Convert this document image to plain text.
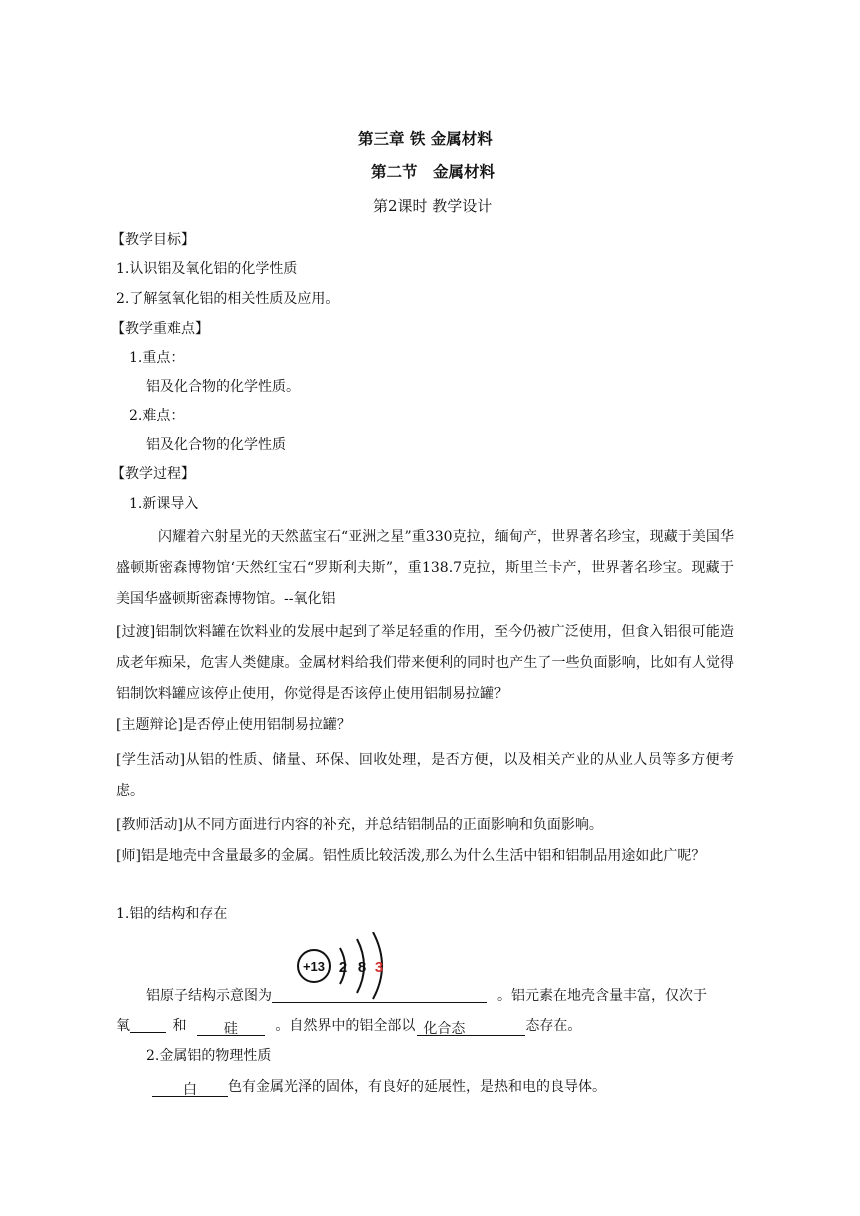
第三章 铁 金属材料
第二节　金属材料
第2课时 教学设计
【教学目标】
1.认识铝及氧化铝的化学性质
2.了解氢氧化铝的相关性质及应用。
【教学重难点】
1.重点：
铝及化合物的化学性质。
2.难点：
铝及化合物的化学性质
【教学过程】
1.新课导入
闪耀着六射星光的天然蓝宝石“亚洲之星”重330克拉，缅甸产，世界著名珍宝，现藏于美国华盛顿斯密森博物馆‘天然红宝石“罗斯利夫斯”，重138.7克拉，斯里兰卡产，世界著名珍宝。现藏于美国华盛顿斯密森博物馆。--氧化铝
[过渡]铝制饮料罐在饮料业的发展中起到了举足轻重的作用，至今仍被广泛使用，但食入铝很可能造成老年痴呆，危害人类健康。金属材料给我们带来便利的同时也产生了一些负面影响，比如有人觉得铝制饮料罐应该停止使用，你觉得是否该停止使用铝制易拉罐？
[主题辩论]是否停止使用铝制易拉罐？
[学生活动]从铝的性质、储量、环保、回收处理，是否方便，以及相关产业的从业人员等多方便考虑。
[教师活动]从不同方面进行内容的补充，并总结铝制品的正面影响和负面影响。
[师]铝是地壳中含量最多的金属。铝性质比较活泼,那么为什么生活中铝和铝制品用途如此广呢？
1.铝的结构和存在
+13 2 8 3
铝原子结构示意图为	。铝元素在地壳含量丰富，仅次于
氧	和	硅	。自然界中的铝全部以 化合态	态存在。
2.金属铝的物理性质
白 色有金属光泽的固体，有良好的延展性，是热和电的良导体。
